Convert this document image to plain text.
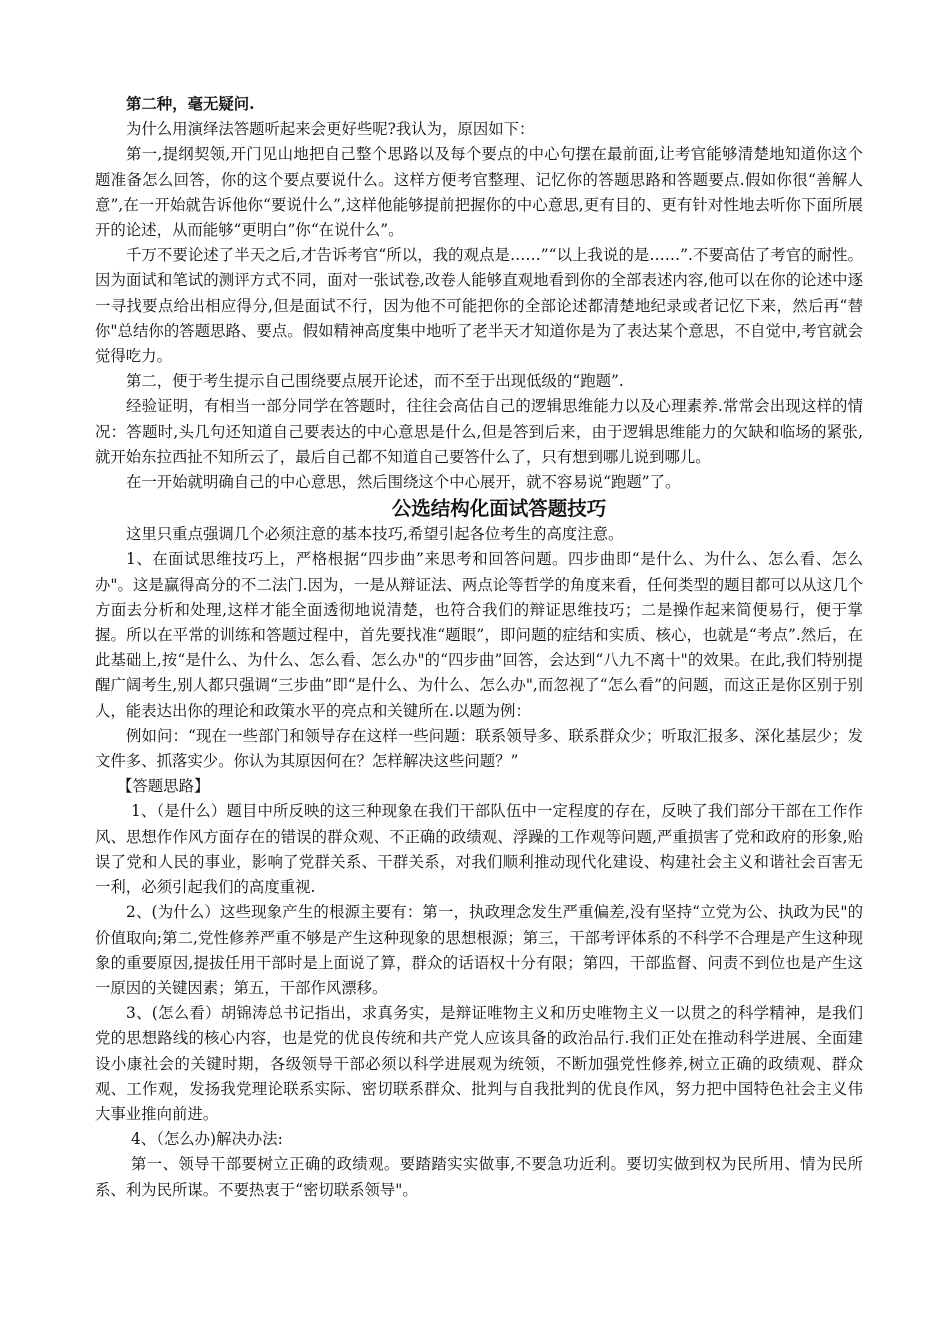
第二种，毫无疑问.

为什么用演绎法答题听起来会更好些呢?我认为，原因如下：

第一,提纲契领,开门见山地把自己整个思路以及每个要点的中心句摆在最前面,让考官能够清楚地知道你这个题准备怎么回答，你的这个要点要说什么。这样方便考官整理、记忆你的答题思路和答题要点.假如你很“善解人意”,在一开始就告诉他你“要说什么”,这样他能够提前把握你的中心意思,更有目的、更有针对性地去听你下面所展开的论述，从而能够“更明白”你“在说什么”。

千万不要论述了半天之后,才告诉考官“所以，我的观点是……”“以上我说的是……”.不要高估了考官的耐性。因为面试和笔试的测评方式不同，面对一张试卷,改卷人能够直观地看到你的全部表述内容,他可以在你的论述中逐一寻找要点给出相应得分,但是面试不行，因为他不可能把你的全部论述都清楚地纪录或者记忆下来，然后再“替你"总结你的答题思路、要点。假如精神高度集中地听了老半天才知道你是为了表达某个意思，不自觉中,考官就会觉得吃力。

第二，便于考生提示自己围绕要点展开论述，而不至于出现低级的“跑题”.

经验证明，有相当一部分同学在答题时，往往会高估自己的逻辑思维能力以及心理素养.常常会出现这样的情况：答题时,头几句还知道自己要表达的中心意思是什么,但是答到后来，由于逻辑思维能力的欠缺和临场的紧张,就开始东拉西扯不知所云了，最后自己都不知道自己要答什么了，只有想到哪儿说到哪儿。

在一开始就明确自己的中心意思，然后围绕这个中心展开，就不容易说“跑题”了。

公选结构化面试答题技巧

这里只重点强调几个必须注意的基本技巧,希望引起各位考生的高度注意。

1、在面试思维技巧上，严格根据“四步曲”来思考和回答问题。四步曲即“是什么、为什么、怎么看、怎么办"。这是赢得高分的不二法门.因为，一是从辩证法、两点论等哲学的角度来看，任何类型的题目都可以从这几个方面去分析和处理,这样才能全面透彻地说清楚，也符合我们的辩证思维技巧；二是操作起来简便易行，便于掌握。所以在平常的训练和答题过程中，首先要找准“题眼”，即问题的症结和实质、核心，也就是“考点”.然后，在此基础上,按“是什么、为什么、怎么看、怎么办"的“四步曲”回答，会达到“八九不离十"的效果。在此,我们特别提醒广阔考生,别人都只强调“三步曲”即“是什么、为什么、怎么办",而忽视了“怎么看”的问题，而这正是你区别于别人，能表达出你的理论和政策水平的亮点和关键所在.以题为例：

例如问：“现在一些部门和领导存在这样一些问题：联系领导多、联系群众少；听取汇报多、深化基层少；发文件多、抓落实少。你认为其原因何在？怎样解决这些问题？”

【答题思路】

1、（是什么）题目中所反映的这三种现象在我们干部队伍中一定程度的存在，反映了我们部分干部在工作作风、思想作作风方面存在的错误的群众观、不正确的政绩观、浮躁的工作观等问题,严重损害了党和政府的形象,贻误了党和人民的事业，影响了党群关系、干群关系，对我们顺利推动现代化建设、构建社会主义和谐社会百害无一利，必须引起我们的高度重视.

2、(为什么）这些现象产生的根源主要有：第一，执政理念发生严重偏差,没有坚持“立党为公、执政为民"的价值取向;第二,党性修养严重不够是产生这种现象的思想根源；第三，干部考评体系的不科学不合理是产生这种现象的重要原因,提拔任用干部时是上面说了算，群众的话语权十分有限；第四，干部监督、问责不到位也是产生这一原因的关键因素；第五，干部作风漂移。

3、(怎么看）胡锦涛总书记指出，求真务实，是辩证唯物主义和历史唯物主义一以贯之的科学精神，是我们党的思想路线的核心内容，也是党的优良传统和共产党人应该具备的政治品行.我们正处在推动科学进展、全面建设小康社会的关键时期，各级领导干部必须以科学进展观为统领，不断加强党性修养,树立正确的政绩观、群众观、工作观，发扬我党理论联系实际、密切联系群众、批判与自我批判的优良作风，努力把中国特色社会主义伟大事业推向前进。

4、（怎么办)解决办法:

第一、领导干部要树立正确的政绩观。要踏踏实实做事,不要急功近利。要切实做到权为民所用、情为民所系、利为民所谋。不要热衷于“密切联系领导"。
